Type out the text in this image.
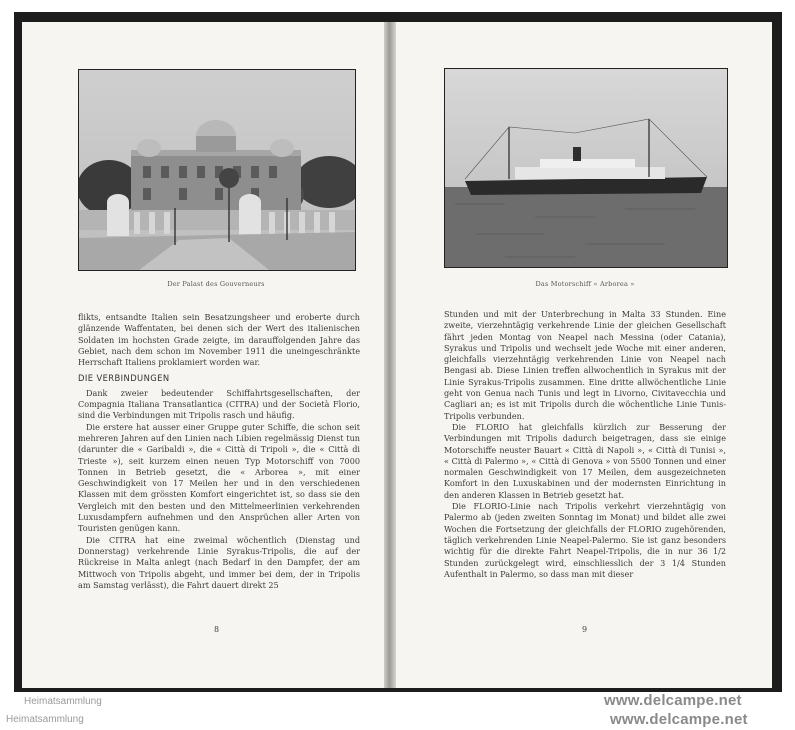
Der Palast des Gouverneurs

flikts, entsandte Italien sein Besatzungsheer und eroberte durch glänzende Waffentaten, bei denen sich der Wert des italienischen Soldaten im hochsten Grade zeigte, im darauffolgenden Jahre das Gebiet, nach dem schon im November 1911 die uneingeschränkte Herrschaft Italiens proklamiert worden war.

DIE VERBINDUNGEN

Dank zweier bedeutender Schiffahrtsgesellschaften, der Compagnia Italiana Transatlantica (CITRA) und der Società Florio, sind die Verbindungen mit Tripolis rasch und häufig.

Die erstere hat ausser einer Gruppe guter Schiffe, die schon seit mehreren Jahren auf den Linien nach Libien regelmässig Dienst tun (darunter die « Garibaldi », die « Città di Tripoli », die « Città di Trieste »), seit kurzem einen neuen Typ Motorschiff von 7000 Tonnen in Betrieb gesetzt, die « Arborea », mit einer Geschwindigkeit von 17 Meilen her und in den verschiedenen Klassen mit dem grössten Komfort eingerichtet ist, so dass sie den Vergleich mit den besten und den Mittelmeerlinien verkehrenden Luxusdampfern aufnehmen und den Ansprüchen aller Arten von Touristen genügen kann.

Die CITRA hat eine zweimal wöchentlich (Dienstag und Donnerstag) verkehrende Linie Syrakus-Tripolis, die auf der Rückreise in Malta anlegt (nach Bedarf in den Dampfer, der am Mittwoch von Tripolis abgeht, und immer bei dem, der in Tripolis am Samstag verlässt), die Fahrt dauert direkt 25

8
Das Motorschiff « Arborea »

Stunden und mit der Unterbrechung in Malta 33 Stunden. Eine zweite, vierzehntägig verkehrende Linie der gleichen Gesellschaft fährt jeden Montag von Neapel nach Messina (oder Catania), Syrakus und Tripolis und wechselt jede Woche mit einer anderen, gleichfalls vierzehntägig verkehrenden Linie von Neapel nach Bengasi ab. Diese Linien treffen allwochentlich in Syrakus mit der Linie Syrakus-Tripolis zusammen. Eine dritte allwöchentliche Linie geht von Genua nach Tunis und legt in Livorno, Civitavecchia und Cagliari an; es ist mit Tripolis durch die wöchentliche Linie Tunis-Tripolis verbunden.

Die FLORIO hat gleichfalls kürzlich zur Besserung der Verbindungen mit Tripolis dadurch beigetragen, dass sie einige Motorschiffe neuster Bauart « Città di Napoli », « Città di Tunisi », « Città di Palermo », « Città di Genova » von 5500 Tonnen und einer normalen Geschwindigkeit von 17 Meilen, dem ausgezeichneten Komfort in den Luxuskabinen und der modernsten Einrichtung in den anderen Klassen in Betrieb gesetzt hat.

Die FLORIO-Linie nach Tripolis verkehrt vierzehntägig von Palermo ab (jeden zweiten Sonntag im Monat) und bildet alle zwei Wochen die Fortsetzung der gleichfalls der FLORIO zugehörenden, täglich verkehrenden Linie Neapel-Palermo. Sie ist ganz besonders wichtig für die direkte Fahrt Neapel-Tripolis, die in nur 36 1/2 Stunden zurückgelegt wird, einschliesslich der 3 1/4 Stunden Aufenthalt in Palermo, so dass man mit dieser

9
Heimatsammlung
Heimatsammlung
www.delcampe.net
www.delcampe.net
